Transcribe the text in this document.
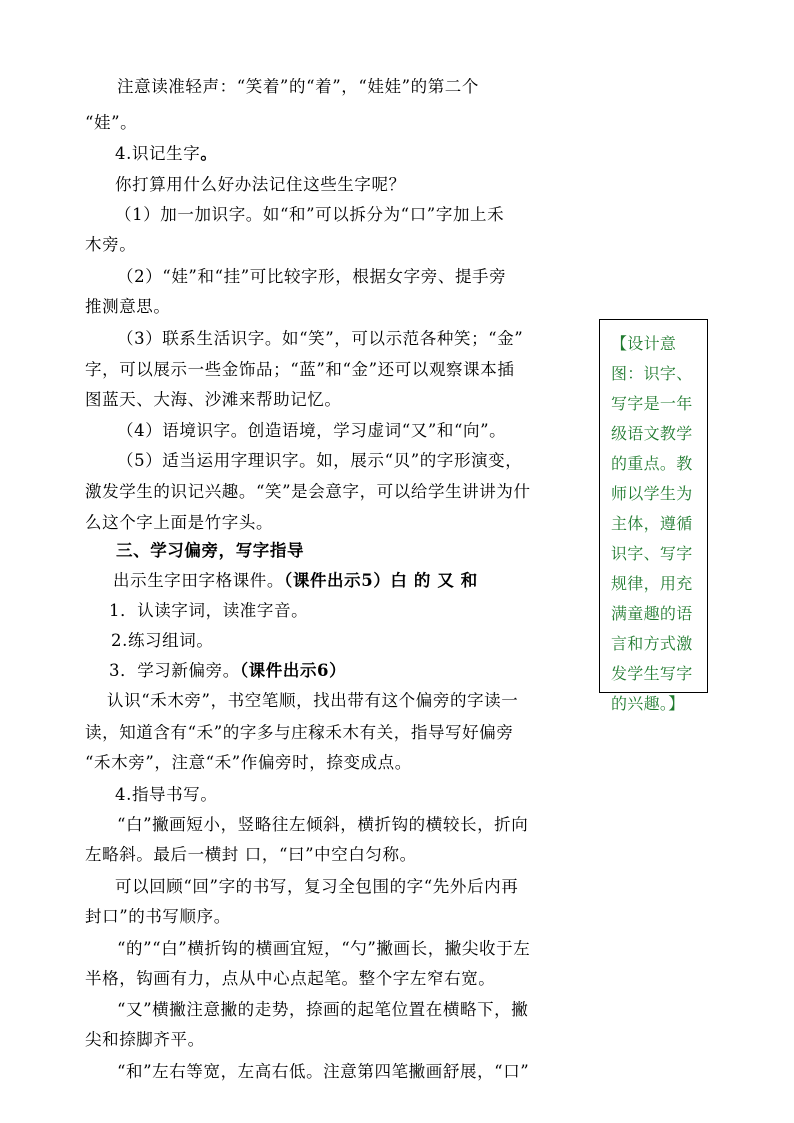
注意读准轻声：“笑着”的“着”，“娃娃”的第二个
“娃”。
4.识记生字。
你打算用什么好办法记住这些生字呢？
（1）加一加识字。如“和”可以拆分为“口”字加上禾
木旁。
（2）“娃”和“挂”可比较字形，根据女字旁、提手旁
推测意思。
（3）联系生活识字。如“笑”，可以示范各种笑；“金”
字，可以展示一些金饰品；“蓝”和“金”还可以观察课本插
图蓝天、大海、沙滩来帮助记忆。
（4）语境识字。创造语境，学习虚词“又”和“向”。
（5）适当运用字理识字。如，展示“贝”的字形演变，
激发学生的识记兴趣。“笑”是会意字，可以给学生讲讲为什
么这个字上面是竹字头。
三、学习偏旁，写字指导
出示生字田字格课件。（课件出示5）白 的 又 和
1．认读字词，读准字音。
2.练习组词。
3．学习新偏旁。（课件出示6）
认识“禾木旁”，书空笔顺，找出带有这个偏旁的字读一
读，知道含有“禾”的字多与庄稼禾木有关，指导写好偏旁
“禾木旁”，注意“禾”作偏旁时，捺变成点。
4.指导书写。
“白”撇画短小，竖略往左倾斜，横折钩的横较长，折向
左略斜。最后一横封 口，“曰”中空白匀称。
可以回顾“回”字的书写，复习全包围的字“先外后内再
封口”的书写顺序。
“的”“白”横折钩的横画宜短，“勺”撇画长，撇尖收于左
半格，钩画有力，点从中心点起笔。整个字左窄右宽。
“又”横撇注意撇的走势，捺画的起笔位置在横略下，撇
尖和捺脚齐平。
“和”左右等宽，左高右低。注意第四笔撇画舒展，“口”
【设计意图：识字、写字是一年级语文教学的重点。教师以学生为主体，遵循识字、写字规律，用充满童趣的语言和方式激发学生写字的兴趣。】
